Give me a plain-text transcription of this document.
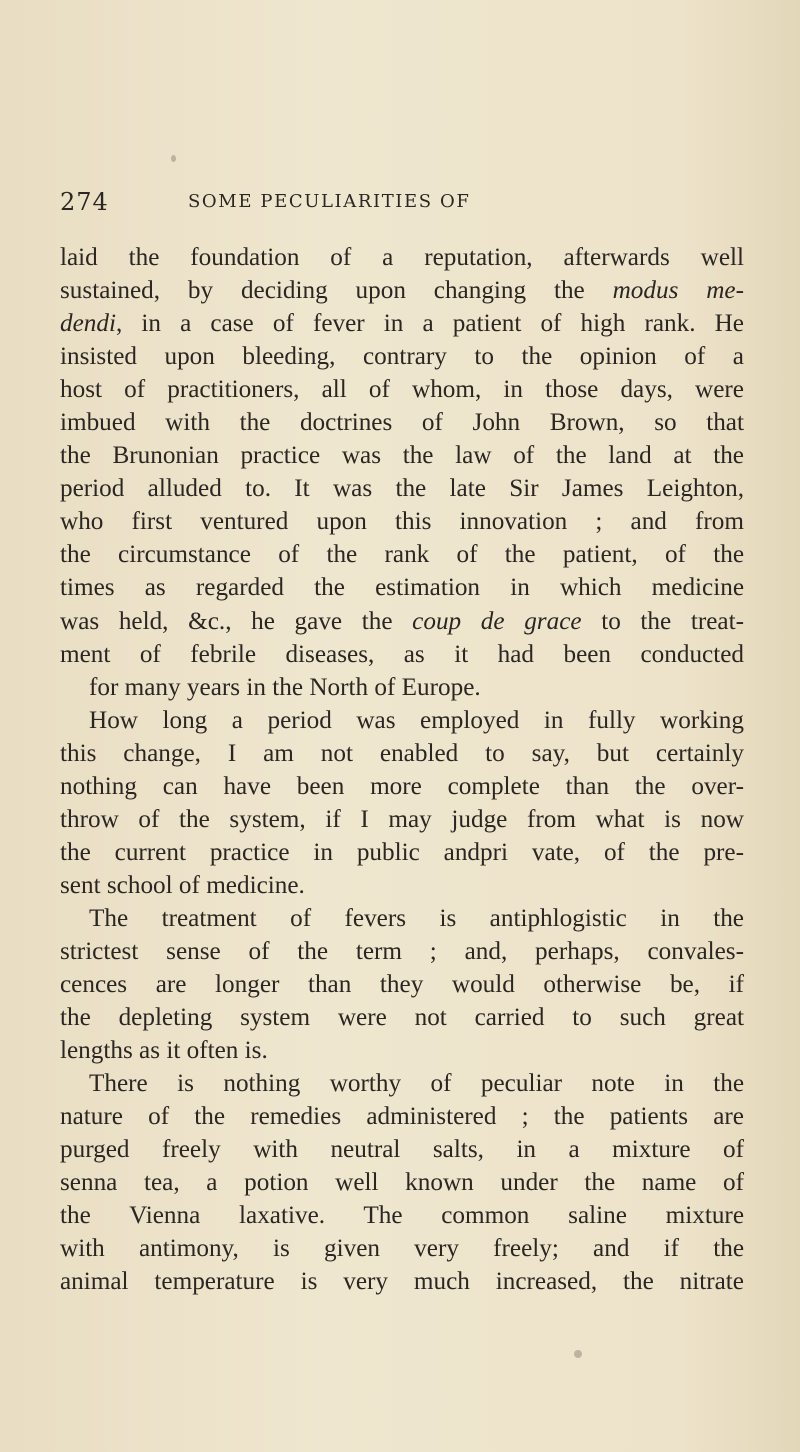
274	SOME PECULIARITIES OF
laid the foundation of a reputation, afterwards well
sustained, by deciding upon changing the modus me-
dendi, in a case of fever in a patient of high rank. He
insisted upon bleeding, contrary to the opinion of a
host of practitioners, all of whom, in those days, were
imbued with the doctrines of John Brown, so that
the Brunonian practice was the law of the land at the
period alluded to. It was the late Sir James Leighton,
who first ventured upon this innovation ; and from
the circumstance of the rank of the patient, of the
times as regarded the estimation in which medicine
was held, &c., he gave the coup de grace to the treat-
ment of febrile diseases, as it had been conducted
for many years in the North of Europe.
How long a period was employed in fully working
this change, I am not enabled to say, but certainly
nothing can have been more complete than the over-
throw of the system, if I may judge from what is now
the current practice in public andpri vate, of the pre-
sent school of medicine.
The treatment of fevers is antiphlogistic in the
strictest sense of the term ; and, perhaps, convales-
cences are longer than they would otherwise be, if
the depleting system were not carried to such great
lengths as it often is.
There is nothing worthy of peculiar note in the
nature of the remedies administered ; the patients are
purged freely with neutral salts, in a mixture of
senna tea, a potion well known under the name of
the Vienna laxative. The common saline mixture
with antimony, is given very freely; and if the
animal temperature is very much increased, the nitrate
